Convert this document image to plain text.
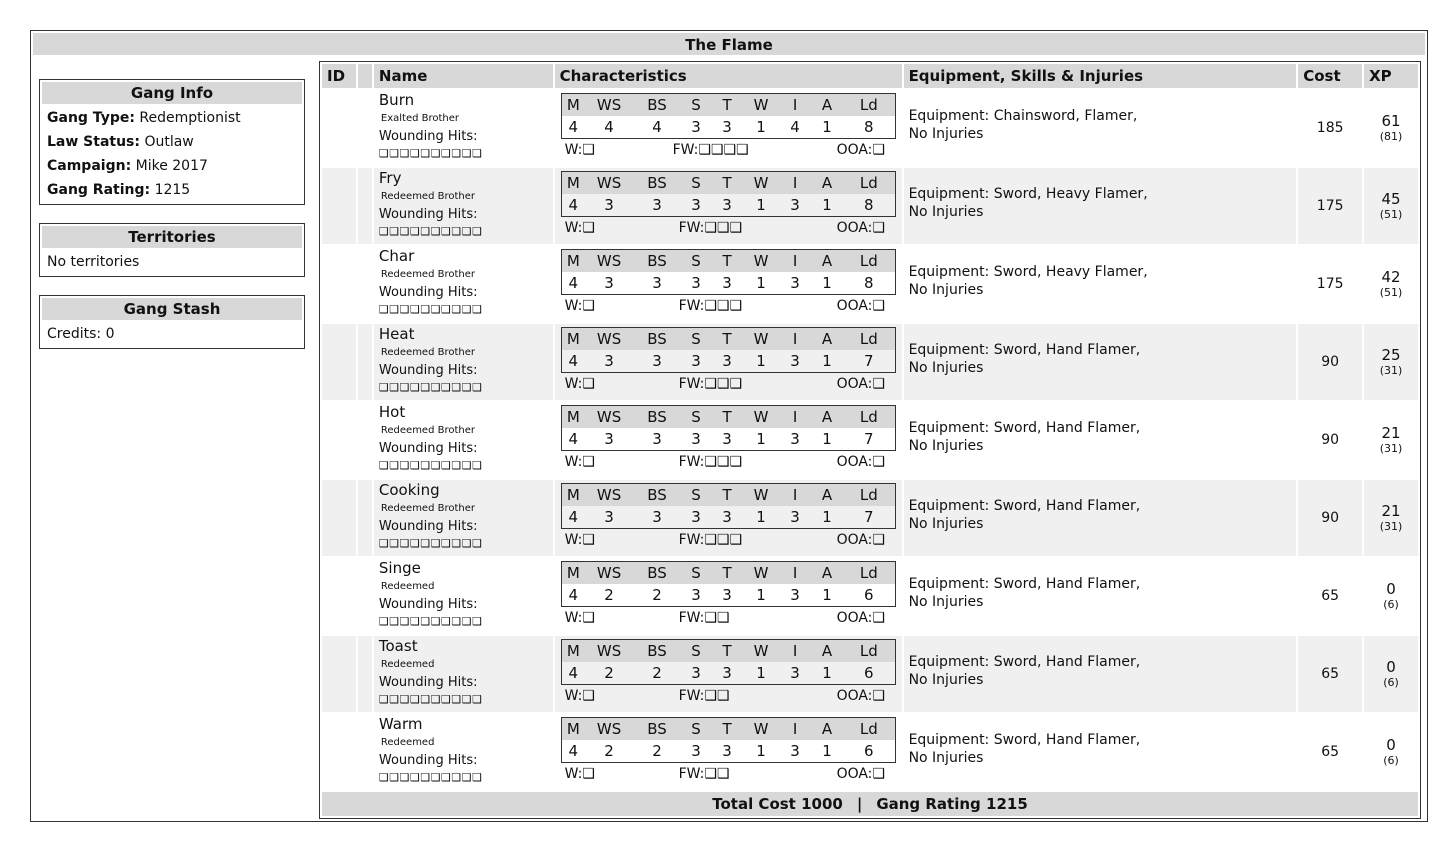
The Flame
Gang Info
Gang Type: Redemptionist
Law Status: Outlaw
Campaign: Mike 2017
Gang Rating: 1215
Territories
No territories
Gang Stash
Credits: 0
ID		Name	Characteristics	Equipment, Skills & Injuries	Cost	XP

Burn
Exalted Brother
Wounding Hits:
❑❑❑❑❑❑❑❑❑❑

M	WS	BS	S	T	W	I	A	Ld
4	4	4	3	3	1	4	1	8
W:❑	FW:❑❑❑❑	OOA:❑

Equipment: Chainsword, Flamer,
No Injuries	185	61
(81)

Fry
Redeemed Brother
Wounding Hits:
❑❑❑❑❑❑❑❑❑❑

M	WS	BS	S	T	W	I	A	Ld
4	3	3	3	3	1	3	1	8
W:❑	FW:❑❑❑	OOA:❑

Equipment: Sword, Heavy Flamer,
No Injuries	175	45
(51)

Char
Redeemed Brother
Wounding Hits:
❑❑❑❑❑❑❑❑❑❑

M	WS	BS	S	T	W	I	A	Ld
4	3	3	3	3	1	3	1	8
W:❑	FW:❑❑❑	OOA:❑

Equipment: Sword, Heavy Flamer,
No Injuries	175	42
(51)

Heat
Redeemed Brother
Wounding Hits:
❑❑❑❑❑❑❑❑❑❑

M	WS	BS	S	T	W	I	A	Ld
4	3	3	3	3	1	3	1	7
W:❑	FW:❑❑❑	OOA:❑

Equipment: Sword, Hand Flamer,
No Injuries	90	25
(31)

Hot
Redeemed Brother
Wounding Hits:
❑❑❑❑❑❑❑❑❑❑

M	WS	BS	S	T	W	I	A	Ld
4	3	3	3	3	1	3	1	7
W:❑	FW:❑❑❑	OOA:❑

Equipment: Sword, Hand Flamer,
No Injuries	90	21
(31)

Cooking
Redeemed Brother
Wounding Hits:
❑❑❑❑❑❑❑❑❑❑

M	WS	BS	S	T	W	I	A	Ld
4	3	3	3	3	1	3	1	7
W:❑	FW:❑❑❑	OOA:❑

Equipment: Sword, Hand Flamer,
No Injuries	90	21
(31)

Singe
Redeemed
Wounding Hits:
❑❑❑❑❑❑❑❑❑❑

M	WS	BS	S	T	W	I	A	Ld
4	2	2	3	3	1	3	1	6
W:❑	FW:❑❑	OOA:❑

Equipment: Sword, Hand Flamer,
No Injuries	65	0
(6)

Toast
Redeemed
Wounding Hits:
❑❑❑❑❑❑❑❑❑❑

M	WS	BS	S	T	W	I	A	Ld
4	2	2	3	3	1	3	1	6
W:❑	FW:❑❑	OOA:❑

Equipment: Sword, Hand Flamer,
No Injuries	65	0
(6)

Warm
Redeemed
Wounding Hits:
❑❑❑❑❑❑❑❑❑❑

M	WS	BS	S	T	W	I	A	Ld
4	2	2	3	3	1	3	1	6
W:❑	FW:❑❑	OOA:❑

Equipment: Sword, Hand Flamer,
No Injuries	65	0
(6)
Total Cost 1000 | Gang Rating 1215
